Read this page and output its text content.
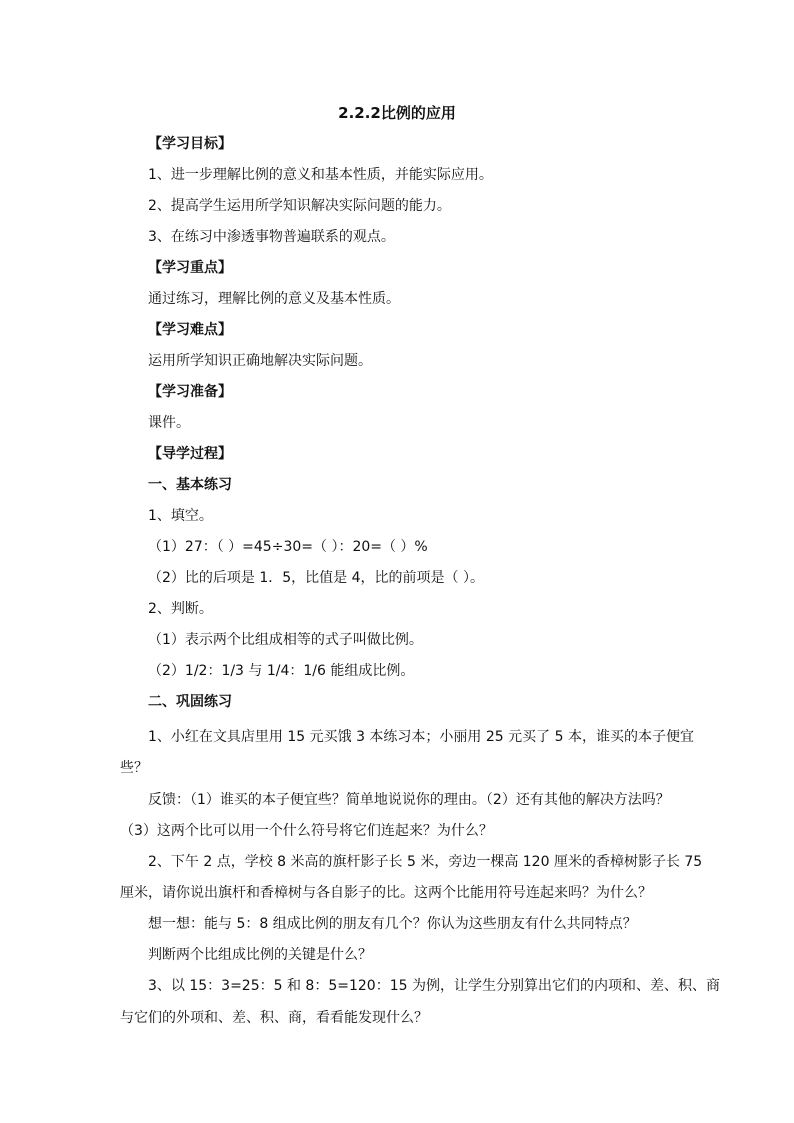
2.2.2比例的应用
【学习目标】
1、进一步理解比例的意义和基本性质，并能实际应用。
2、提高学生运用所学知识解决实际问题的能力。
3、在练习中渗透事物普遍联系的观点。
【学习重点】
通过练习，理解比例的意义及基本性质。
【学习难点】
运用所学知识正确地解决实际问题。
【学习准备】
课件。
【导学过程】
一、基本练习
1、填空。
（1）27：（ ）=45÷30=（ ）：20=（ ）%
（2）比的后项是 1．5，比值是 4，比的前项是（ ）。
2、判断。
（1）表示两个比组成相等的式子叫做比例。
（2）1/2：1/3 与 1/4：1/6 能组成比例。
二、巩固练习
1、小红在文具店里用 15 元买饿 3 本练习本；小丽用 25 元买了 5 本，谁买的本子便宜
些？
反馈：（1）谁买的本子便宜些？简单地说说你的理由。（2）还有其他的解决方法吗？
（3）这两个比可以用一个什么符号将它们连起来？为什么？
2、下午 2 点，学校 8 米高的旗杆影子长 5 米，旁边一棵高 120 厘米的香樟树影子长 75
厘米，请你说出旗杆和香樟树与各自影子的比。这两个比能用符号连起来吗？为什么？
想一想：能与 5：8 组成比例的朋友有几个？你认为这些朋友有什么共同特点？
判断两个比组成比例的关键是什么？
3、以 15：3=25：5 和 8：5=120：15 为例，让学生分别算出它们的内项和、差、积、商
与它们的外项和、差、积、商，看看能发现什么？
